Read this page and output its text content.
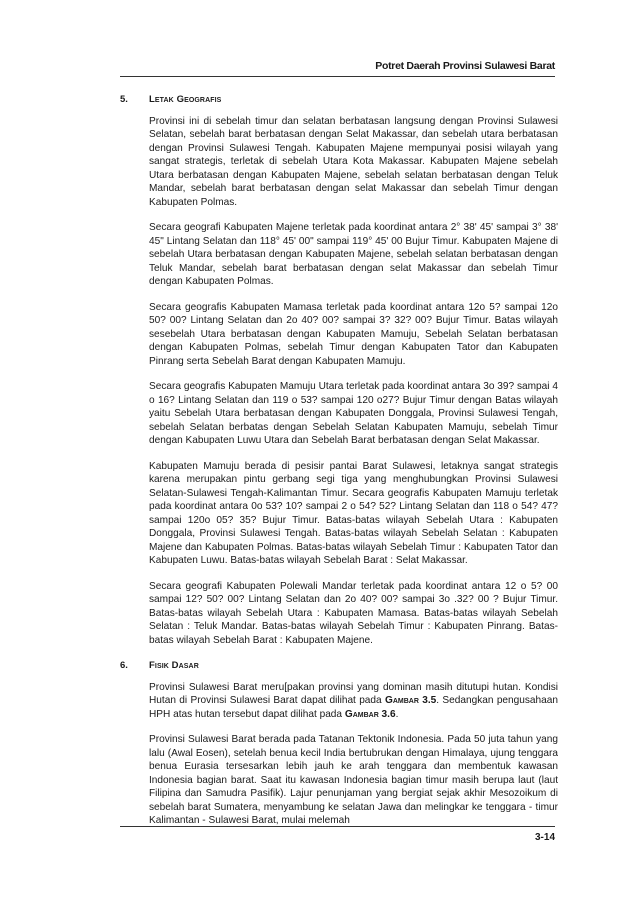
Potret Daerah Provinsi Sulawesi Barat
5.	Letak Geografis

Provinsi ini di sebelah timur dan selatan berbatasan langsung dengan Provinsi Sulawesi Selatan, sebelah barat berbatasan dengan Selat Makassar, dan sebelah utara berbatasan dengan Provinsi Sulawesi Tengah. Kabupaten Majene mempunyai posisi wilayah yang sangat strategis, terletak di sebelah Utara Kota Makassar. Kabupaten Majene sebelah Utara berbatasan dengan Kabupaten Majene, sebelah selatan berbatasan dengan Teluk Mandar, sebelah barat berbatasan dengan selat Makassar dan sebelah Timur dengan Kabupaten Polmas.

Secara geografi Kabupaten Majene terletak pada koordinat antara 2° 38' 45' sampai 3° 38' 45" Lintang Selatan dan 118° 45' 00" sampai 119° 45' 00 Bujur Timur. Kabupaten Majene di sebelah Utara berbatasan dengan Kabupaten Majene, sebelah selatan berbatasan dengan Teluk Mandar, sebelah barat berbatasan dengan selat Makassar dan sebelah Timur dengan Kabupaten Polmas.

Secara geografis Kabupaten Mamasa terletak pada koordinat antara 12o 5? sampai 12o 50? 00? Lintang Selatan dan 2o 40? 00? sampai 3? 32? 00? Bujur Timur. Batas wilayah sesebelah Utara berbatasan dengan Kabupaten Mamuju, Sebelah Selatan berbatasan dengan Kabupaten Polmas, sebelah Timur dengan Kabupaten Tator dan Kabupaten Pinrang serta Sebelah Barat dengan Kabupaten Mamuju.

Secara geografis Kabupaten Mamuju Utara terletak pada koordinat antara 3o 39? sampai 4 o 16? Lintang Selatan dan 119 o 53? sampai 120 o27? Bujur Timur dengan Batas wilayah yaitu Sebelah Utara berbatasan dengan Kabupaten Donggala, Provinsi Sulawesi Tengah, sebelah Selatan berbatas dengan Sebelah Selatan Kabupaten Mamuju, sebelah Timur dengan Kabupaten Luwu Utara dan Sebelah Barat berbatasan dengan Selat Makassar.

Kabupaten Mamuju berada di pesisir pantai Barat Sulawesi, letaknya sangat strategis karena merupakan pintu gerbang segi tiga yang menghubungkan Provinsi Sulawesi Selatan-Sulawesi Tengah-Kalimantan Timur. Secara geografis Kabupaten Mamuju terletak pada koordinat antara 0o 53? 10? sampai 2 o 54? 52? Lintang Selatan dan 118 o 54? 47? sampai 120o 05? 35? Bujur Timur. Batas-batas wilayah Sebelah Utara : Kabupaten Donggala, Provinsi Sulawesi Tengah. Batas-batas wilayah Sebelah Selatan : Kabupaten Majene dan Kabupaten Polmas. Batas-batas wilayah Sebelah Timur : Kabupaten Tator dan Kabupaten Luwu. Batas-batas wilayah Sebelah Barat : Selat Makassar.

Secara geografi Kabupaten Polewali Mandar terletak pada koordinat antara 12 o 5? 00 sampai 12? 50? 00? Lintang Selatan dan 2o 40? 00? sampai 3o .32? 00 ? Bujur Timur. Batas-batas wilayah Sebelah Utara : Kabupaten Mamasa. Batas-batas wilayah Sebelah Selatan : Teluk Mandar. Batas-batas wilayah Sebelah Timur : Kabupaten Pinrang. Batas-batas wilayah Sebelah Barat : Kabupaten Majene.

6.	Fisik Dasar

Provinsi Sulawesi Barat meru[pakan provinsi yang dominan masih ditutupi hutan. Kondisi Hutan di Provinsi Sulawesi Barat dapat dilihat pada Gambar 3.5. Sedangkan pengusahaan HPH atas hutan tersebut dapat dilihat pada Gambar 3.6.

Provinsi Sulawesi Barat berada pada Tatanan Tektonik Indonesia. Pada 50 juta tahun yang lalu (Awal Eosen), setelah benua kecil India bertubrukan dengan Himalaya, ujung tenggara benua Eurasia tersesarkan lebih jauh ke arah tenggara dan membentuk kawasan Indonesia bagian barat. Saat itu kawasan Indonesia bagian timur masih berupa laut (laut Filipina dan Samudra Pasifik). Lajur penunjaman yang bergiat sejak akhir Mesozoikum di sebelah barat Sumatera, menyambung ke selatan Jawa dan melingkar ke tenggara - timur Kalimantan - Sulawesi Barat, mulai melemah

3-14
